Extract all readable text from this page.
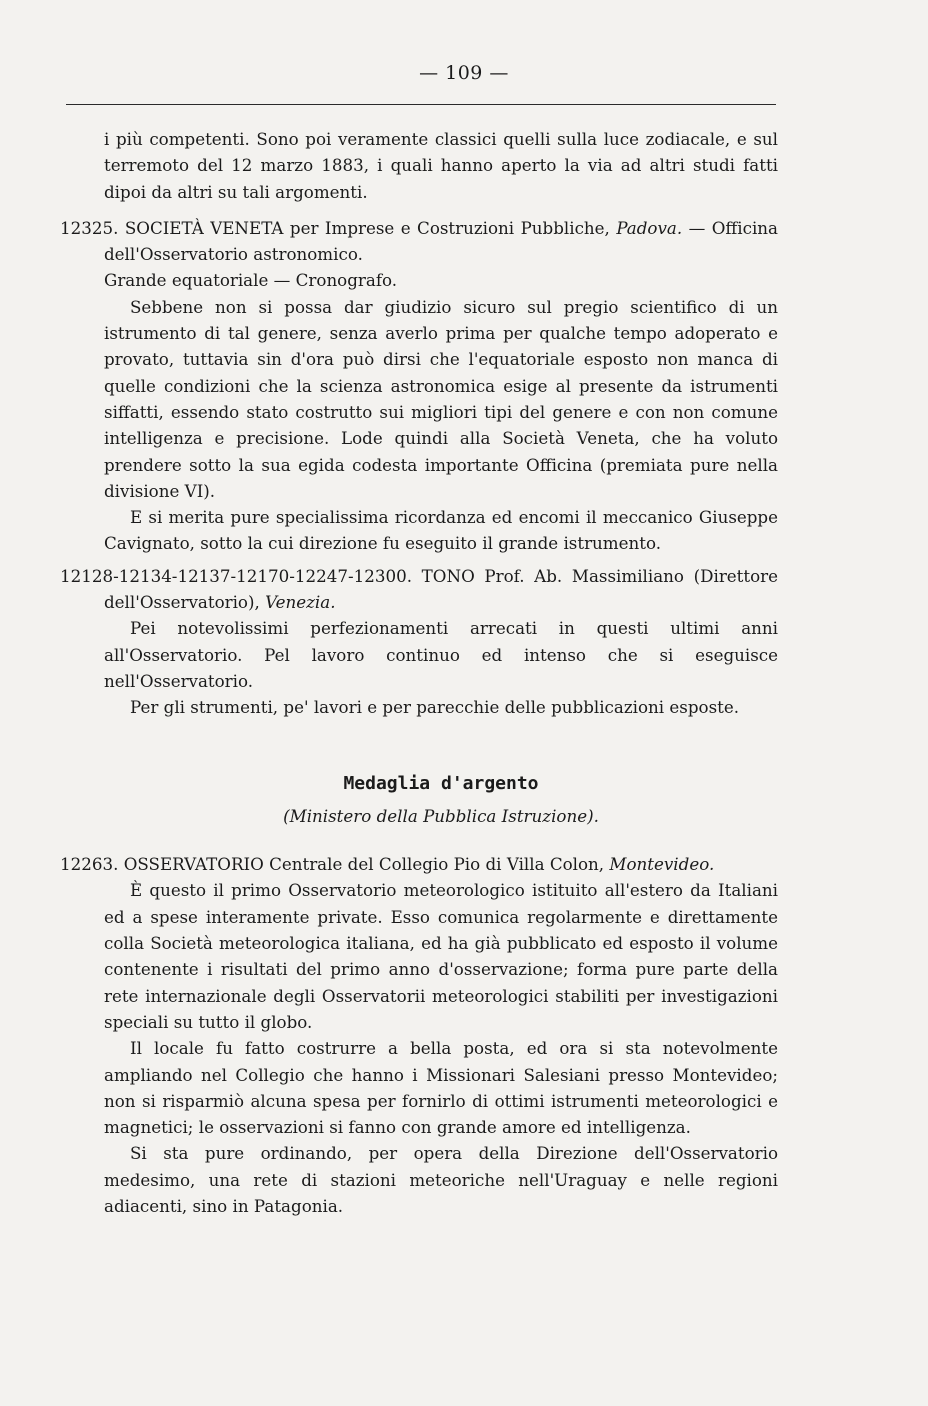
— 109 —

i più competenti. Sono poi veramente classici quelli sulla luce zodiacale, e sul terremoto del 12 marzo 1883, i quali hanno aperto la via ad altri studi fatti dipoi da altri su tali argomenti.

12325. SOCIETÀ VENETA per Imprese e Costruzioni Pubbliche, Padova. — Officina dell'Osservatorio astronomico.

Grande equatoriale — Cronografo.

Sebbene non si possa dar giudizio sicuro sul pregio scientifico di un istrumento di tal genere, senza averlo prima per qualche tempo adoperato e provato, tuttavia sin d'ora può dirsi che l'equatoriale esposto non manca di quelle condizioni che la scienza astronomica esige al presente da istrumenti siffatti, essendo stato costrutto sui migliori tipi del genere e con non comune intelligenza e precisione. Lode quindi alla Società Veneta, che ha voluto prendere sotto la sua egida codesta importante Officina (premiata pure nella divisione VI).

E si merita pure specialissima ricordanza ed encomi il meccanico Giuseppe Cavignato, sotto la cui direzione fu eseguito il grande istrumento.

12128-12134-12137-12170-12247-12300. TONO Prof. Ab. Massimiliano (Direttore dell'Osservatorio), Venezia.

Pei notevolissimi perfezionamenti arrecati in questi ultimi anni all'Osservatorio. Pel lavoro continuo ed intenso che si eseguisce nell'Osservatorio.

Per gli strumenti, pe' lavori e per parecchie delle pubblicazioni esposte.

Medaglia d'argento

(Ministero della Pubblica Istruzione).

12263. OSSERVATORIO Centrale del Collegio Pio di Villa Colon, Montevideo.

È questo il primo Osservatorio meteorologico istituito all'estero da Italiani ed a spese interamente private. Esso comunica regolarmente e direttamente colla Società meteorologica italiana, ed ha già pubblicato ed esposto il volume contenente i risultati del primo anno d'osservazione; forma pure parte della rete internazionale degli Osservatorii meteorologici stabiliti per investigazioni speciali su tutto il globo.

Il locale fu fatto costrurre a bella posta, ed ora si sta notevolmente ampliando nel Collegio che hanno i Missionari Salesiani presso Montevideo; non si risparmiò alcuna spesa per fornirlo di ottimi istrumenti meteorologici e magnetici; le osservazioni si fanno con grande amore ed intelligenza.

Si sta pure ordinando, per opera della Direzione dell'Osservatorio medesimo, una rete di stazioni meteoriche nell'Uraguay e nelle regioni adiacenti, sino in Patagonia.
